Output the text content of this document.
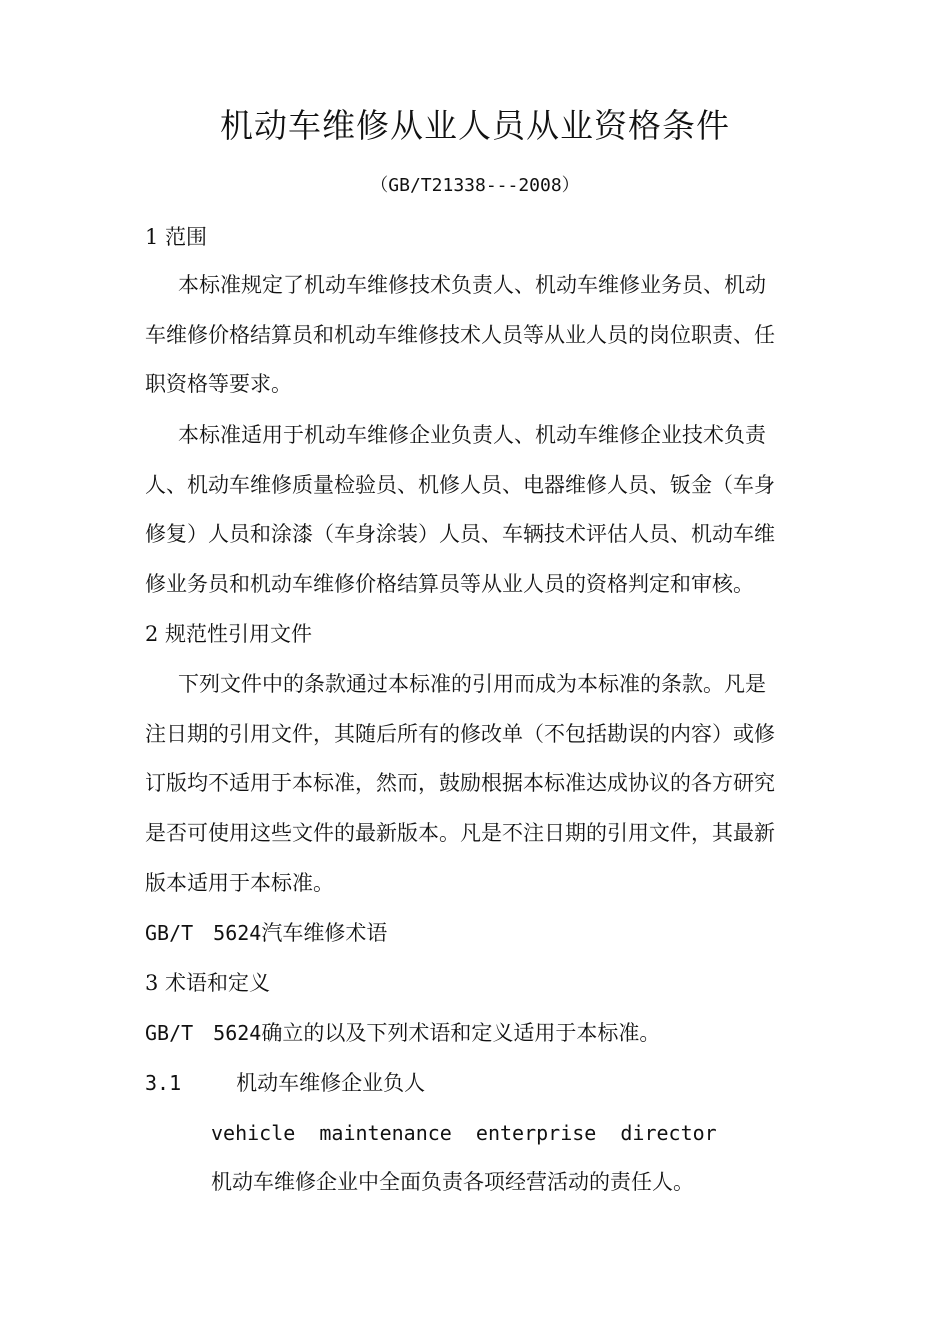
机动车维修从业人员从业资格条件
（GB/T21338---2008）
1 范围
本标准规定了机动车维修技术负责人、机动车维修业务员、机动
车维修价格结算员和机动车维修技术人员等从业人员的岗位职责、任
职资格等要求。
本标准适用于机动车维修企业负责人、机动车维修企业技术负责
人、机动车维修质量检验员、机修人员、电器维修人员、钣金（车身
修复）人员和涂漆（车身涂装）人员、车辆技术评估人员、机动车维
修业务员和机动车维修价格结算员等从业人员的资格判定和审核。
2 规范性引用文件
下列文件中的条款通过本标准的引用而成为本标准的条款。凡是
注日期的引用文件，其随后所有的修改单（不包括勘误的内容）或修
订版均不适用于本标准，然而，鼓励根据本标准达成协议的各方研究
是否可使用这些文件的最新版本。凡是不注日期的引用文件，其最新
版本适用于本标准。
GB/T 5624汽车维修术语
3 术语和定义
GB/T 5624确立的以及下列术语和定义适用于本标准。
3.1	机动车维修企业负人
vehicle  maintenance  enterprise  director
机动车维修企业中全面负责各项经营活动的责任人。
